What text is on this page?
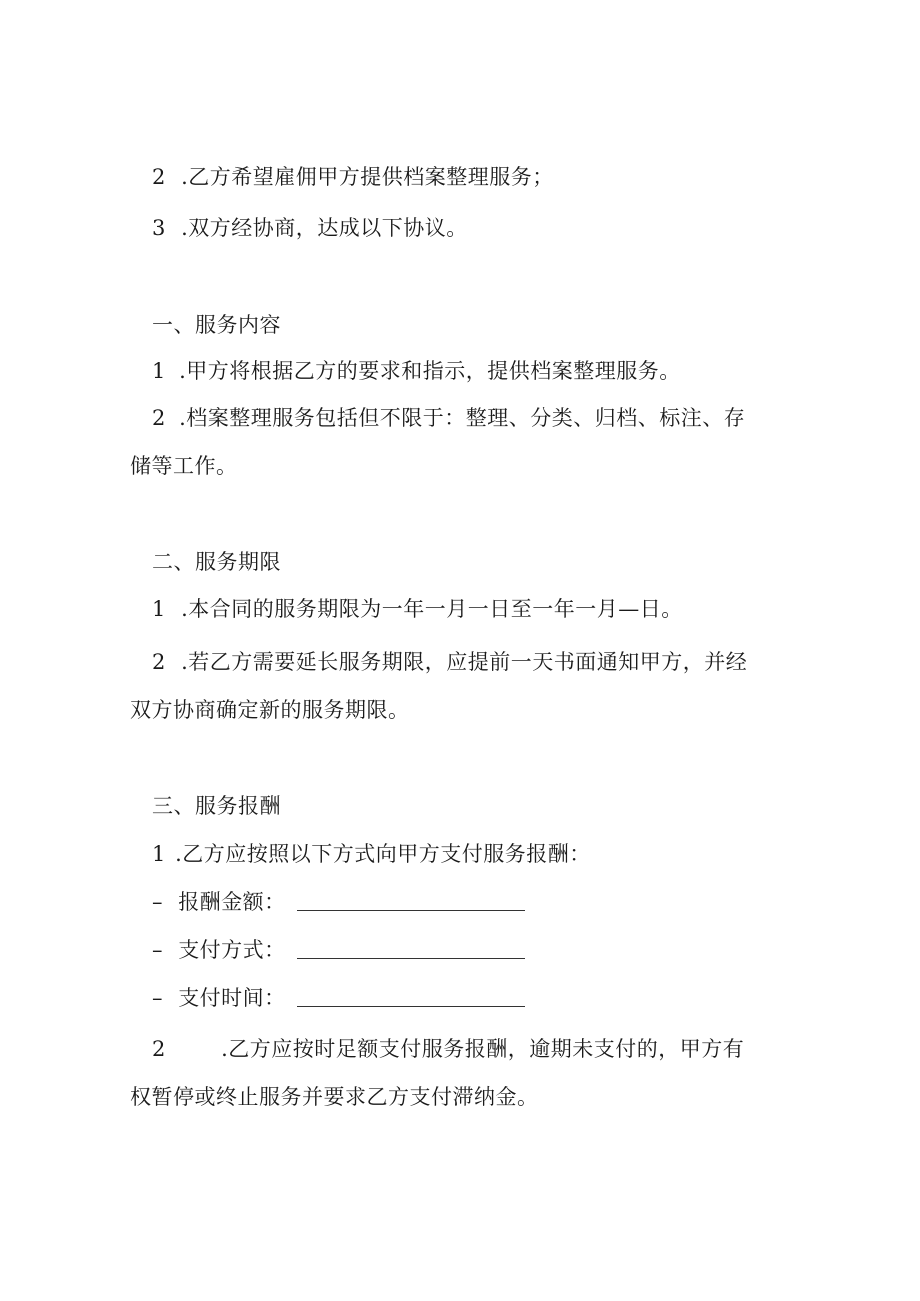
2 .乙方希望雇佣甲方提供档案整理服务；
3 .双方经协商，达成以下协议。
一、服务内容
1 .甲方将根据乙方的要求和指示，提供档案整理服务。
2 .档案整理服务包括但不限于：整理、分类、归档、标注、存
储等工作。
二、服务期限
1 .本合同的服务期限为一年一月一日至一年一月—日。
2 .若乙方需要延长服务期限，应提前一天书面通知甲方，并经
双方协商确定新的服务期限。
三、服务报酬
1 .乙方应按照以下方式向甲方支付服务报酬：
– 报酬金额：
– 支付方式：
– 支付时间：
2	.乙方应按时足额支付服务报酬，逾期未支付的，甲方有
权暂停或终止服务并要求乙方支付滞纳金。
